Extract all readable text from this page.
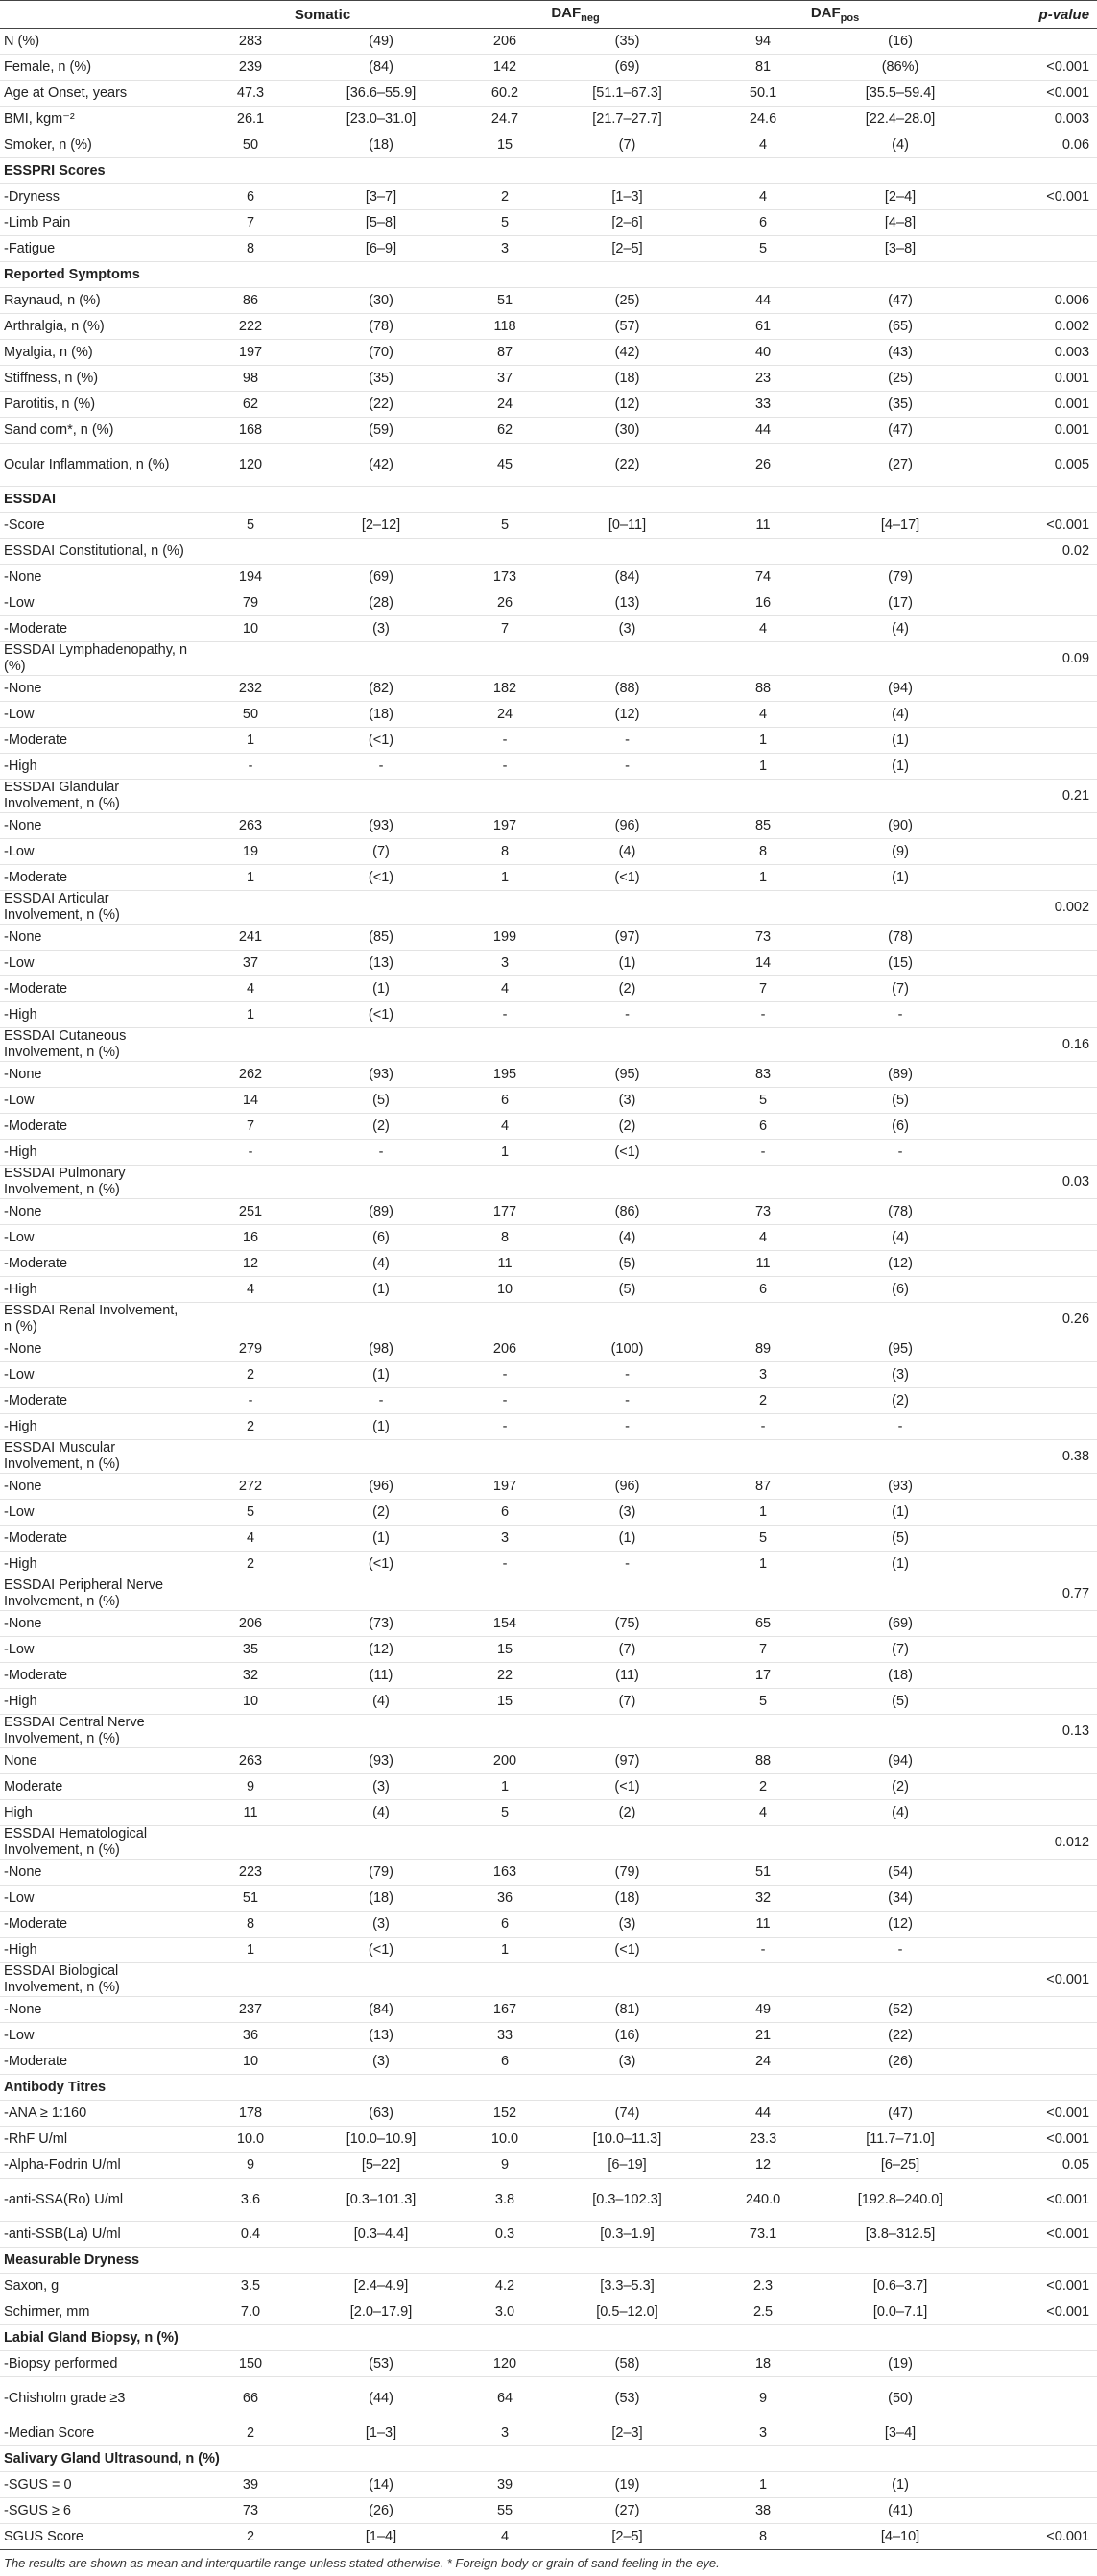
	Somatic		$DAF_{neg}$		$DAF_{pos}$		p-value
N (%)	283	(49)	206	(35)	94	(16)	
Female, n (%)	239	(84)	142	(69)	81	(86%)	<0.001
Age at Onset, years	47.3	[36.6–55.9]	60.2	[51.1–67.3]	50.1	[35.5–59.4]	<0.001
BMI, kgm⁻²	26.1	[23.0–31.0]	24.7	[21.7–27.7]	24.6	[22.4–28.0]	0.003
Smoker, n (%)	50	(18)	15	(7)	4	(4)	0.06
ESSPRI Scores							
-Dryness	6	[3–7]	2	[1–3]	4	[2–4]	<0.001
-Limb Pain	7	[5–8]	5	[2–6]	6	[4–8]	
-Fatigue	8	[6–9]	3	[2–5]	5	[3–8]	
Reported Symptoms							
Raynaud, n (%)	86	(30)	51	(25)	44	(47)	0.006
Arthralgia, n (%)	222	(78)	118	(57)	61	(65)	0.002
Myalgia, n (%)	197	(70)	87	(42)	40	(43)	0.003
Stiffness, n (%)	98	(35)	37	(18)	23	(25)	0.001
Parotitis, n (%)	62	(22)	24	(12)	33	(35)	0.001
Sand corn*, n (%)	168	(59)	62	(30)	44	(47)	0.001
Ocular Inflammation, n (%)	120	(42)	45	(22)	26	(27)	0.005
ESSDAI							
-Score	5	[2–12]	5	[0–11]	11	[4–17]	<0.001
ESSDAI Constitutional, n (%)							0.02
-None	194	(69)	173	(84)	74	(79)	
-Low	79	(28)	26	(13)	16	(17)	
-Moderate	10	(3)	7	(3)	4	(4)	
ESSDAI Lymphadenopathy, n (%)							0.09
-None	232	(82)	182	(88)	88	(94)	
-Low	50	(18)	24	(12)	4	(4)	
-Moderate	1	(<1)	-	-	1	(1)	
-High	-	-	-	-	1	(1)	
ESSDAI Glandular Involvement, n (%)							0.21
-None	263	(93)	197	(96)	85	(90)	
-Low	19	(7)	8	(4)	8	(9)	
-Moderate	1	(<1)	1	(<1)	1	(1)	
ESSDAI Articular Involvement, n (%)							0.002
-None	241	(85)	199	(97)	73	(78)	
-Low	37	(13)	3	(1)	14	(15)	
-Moderate	4	(1)	4	(2)	7	(7)	
-High	1	(<1)	-	-	-	-	
ESSDAI Cutaneous Involvement, n (%)							0.16
-None	262	(93)	195	(95)	83	(89)	
-Low	14	(5)	6	(3)	5	(5)	
-Moderate	7	(2)	4	(2)	6	(6)	
-High	-	-	1	(<1)	-	-	
ESSDAI Pulmonary Involvement, n (%)							0.03
-None	251	(89)	177	(86)	73	(78)	
-Low	16	(6)	8	(4)	4	(4)	
-Moderate	12	(4)	11	(5)	11	(12)	
-High	4	(1)	10	(5)	6	(6)	
ESSDAI Renal Involvement, n (%)							0.26
-None	279	(98)	206	(100)	89	(95)	
-Low	2	(1)	-	-	3	(3)	
-Moderate	-	-	-	-	2	(2)	
-High	2	(1)	-	-	-	-	
ESSDAI Muscular Involvement, n (%)							0.38
-None	272	(96)	197	(96)	87	(93)	
-Low	5	(2)	6	(3)	1	(1)	
-Moderate	4	(1)	3	(1)	5	(5)	
-High	2	(<1)	-	-	1	(1)	
ESSDAI Peripheral Nerve Involvement, n (%)							0.77
-None	206	(73)	154	(75)	65	(69)	
-Low	35	(12)	15	(7)	7	(7)	
-Moderate	32	(11)	22	(11)	17	(18)	
-High	10	(4)	15	(7)	5	(5)	
ESSDAI Central Nerve Involvement, n (%)							0.13
None	263	(93)	200	(97)	88	(94)	
Moderate	9	(3)	1	(<1)	2	(2)	
High	11	(4)	5	(2)	4	(4)	
ESSDAI Hematological Involvement, n (%)							0.012
-None	223	(79)	163	(79)	51	(54)	
-Low	51	(18)	36	(18)	32	(34)	
-Moderate	8	(3)	6	(3)	11	(12)	
-High	1	(<1)	1	(<1)	-	-	
ESSDAI Biological Involvement, n (%)							<0.001
-None	237	(84)	167	(81)	49	(52)	
-Low	36	(13)	33	(16)	21	(22)	
-Moderate	10	(3)	6	(3)	24	(26)	
Antibody Titres							
-ANA ≥ 1:160	178	(63)	152	(74)	44	(47)	<0.001
-RhF U/ml	10.0	[10.0–10.9]	10.0	[10.0–11.3]	23.3	[11.7–71.0]	<0.001
-Alpha-Fodrin U/ml	9	[5–22]	9	[6–19]	12	[6–25]	0.05
-anti-SSA(Ro) U/ml	3.6	[0.3–101.3]	3.8	[0.3–102.3]	240.0	[192.8–240.0]	<0.001
-anti-SSB(La) U/ml	0.4	[0.3–4.4]	0.3	[0.3–1.9]	73.1	[3.8–312.5]	<0.001
Measurable Dryness							
Saxon, g	3.5	[2.4–4.9]	4.2	[3.3–5.3]	2.3	[0.6–3.7]	<0.001
Schirmer, mm	7.0	[2.0–17.9]	3.0	[0.5–12.0]	2.5	[0.0–7.1]	<0.001
Labial Gland Biopsy, n (%)							
-Biopsy performed	150	(53)	120	(58)	18	(19)	
-Chisholm grade ≥3	66	(44)	64	(53)	9	(50)	
-Median Score	2	[1–3]	3	[2–3]	3	[3–4]	
Salivary Gland Ultrasound, n (%)							
-SGUS = 0	39	(14)	39	(19)	1	(1)	
-SGUS ≥ 6	73	(26)	55	(27)	38	(41)	
SGUS Score	2	[1–4]	4	[2–5]	8	[4–10]	<0.001
The results are shown as mean and interquartile range unless stated otherwise. * Foreign body or grain of sand feeling in the eye.
